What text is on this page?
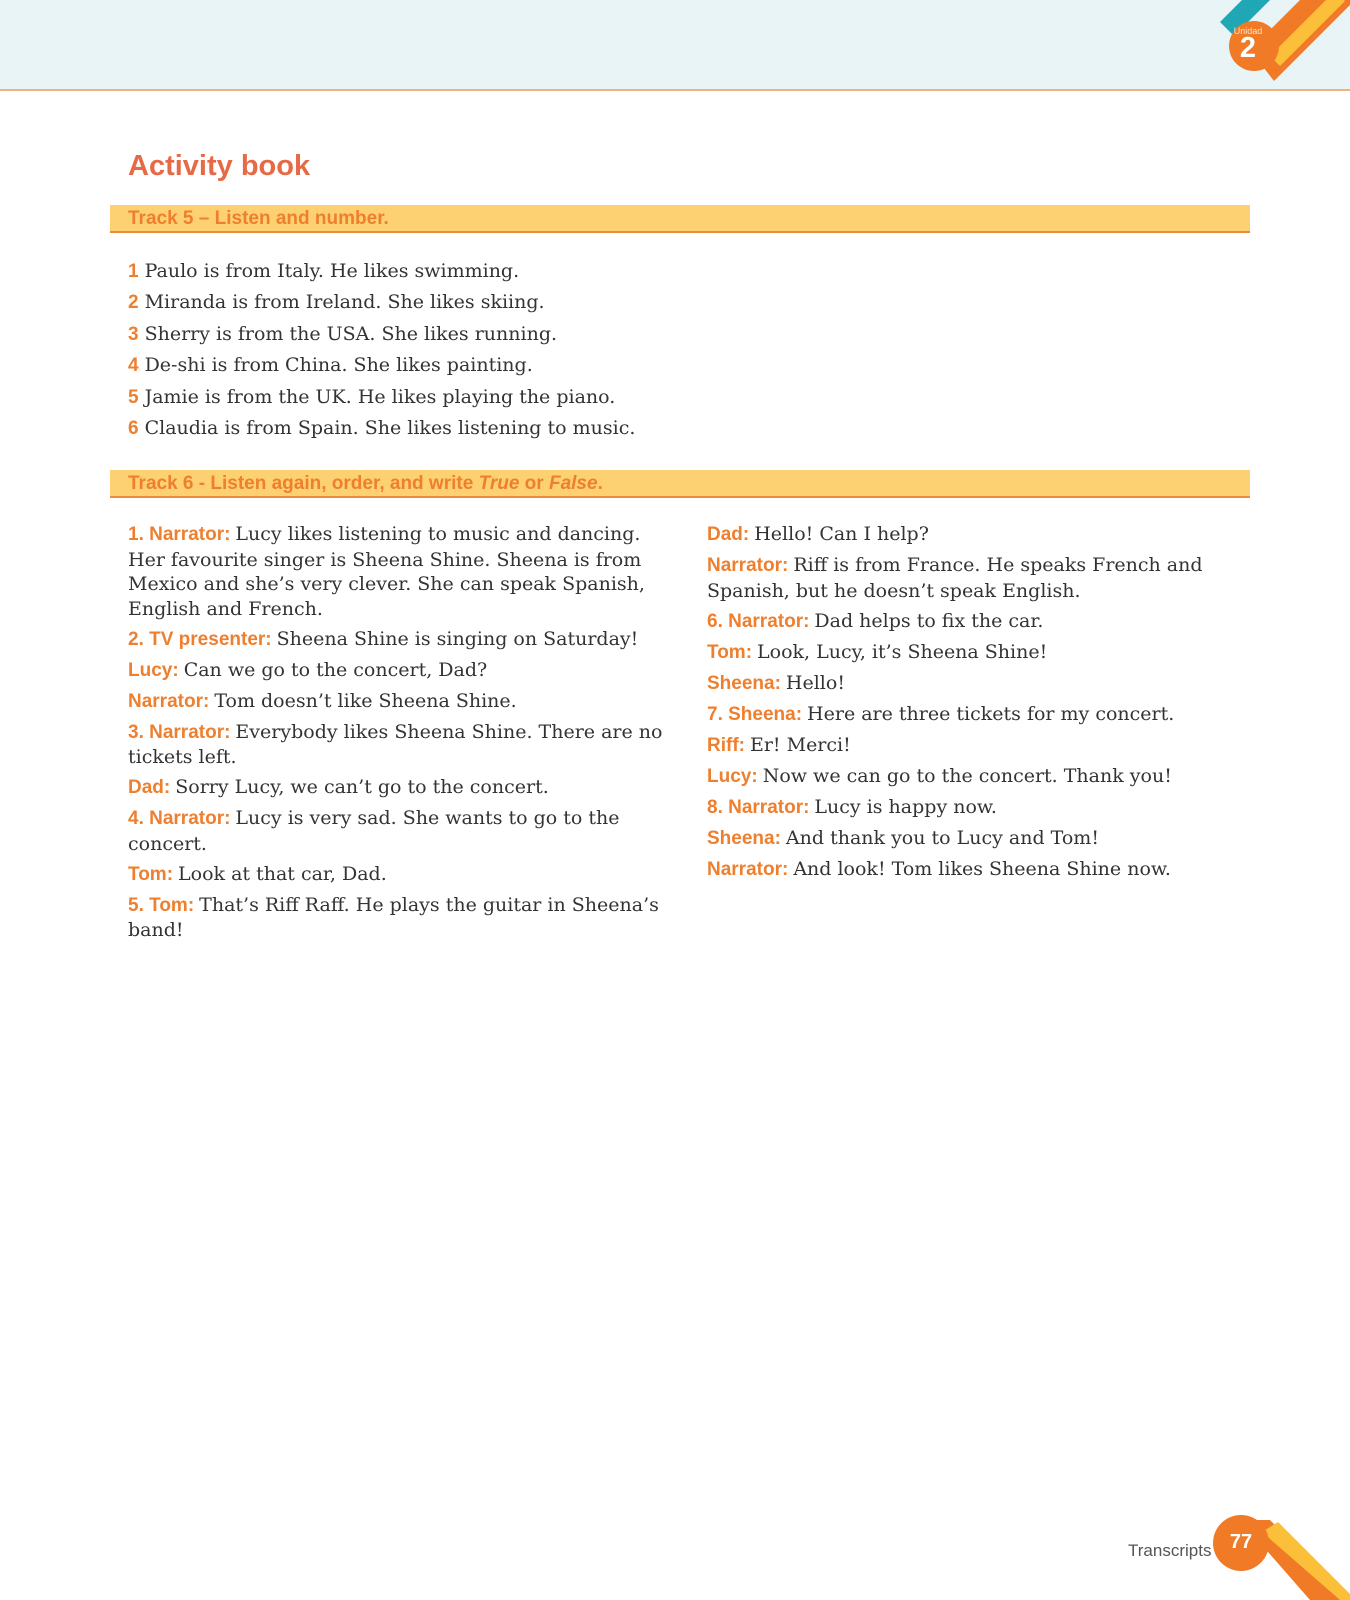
Unidad
2
Activity book
Track 5 – Listen and number.
1 Paulo is from Italy. He likes swimming.
2 Miranda is from Ireland. She likes skiing.
3 Sherry is from the USA. She likes running.
4 De-shi is from China. She likes painting.
5 Jamie is from the UK. He likes playing the piano.
6 Claudia is from Spain. She likes listening to music.
Track 6 - Listen again, order, and write True or False.

1. Narrator: Lucy likes listening to music and dancing. Her favourite singer is Sheena Shine. Sheena is from Mexico and she’s very clever. She can speak Spanish, English and French.

2. TV presenter: Sheena Shine is singing on Saturday!

Lucy: Can we go to the concert, Dad?

Narrator: Tom doesn’t like Sheena Shine.

3. Narrator: Everybody likes Sheena Shine. There are no tickets left.

Dad: Sorry Lucy, we can’t go to the concert.

4. Narrator: Lucy is very sad. She wants to go to the concert.

Tom: Look at that car, Dad.

5. Tom: That’s Riff Raff. He plays the guitar in Sheena’s band!

Dad: Hello! Can I help?

Narrator: Riff is from France. He speaks French and Spanish, but he doesn’t speak English.

6. Narrator: Dad helps to fix the car.

Tom: Look, Lucy, it’s Sheena Shine!

Sheena: Hello!

7. Sheena: Here are three tickets for my concert.

Riff: Er! Merci!

Lucy: Now we can go to the concert. Thank you!

8. Narrator: Lucy is happy now.

Sheena: And thank you to Lucy and Tom!

Narrator: And look! Tom likes Sheena Shine now.

Transcripts 77
